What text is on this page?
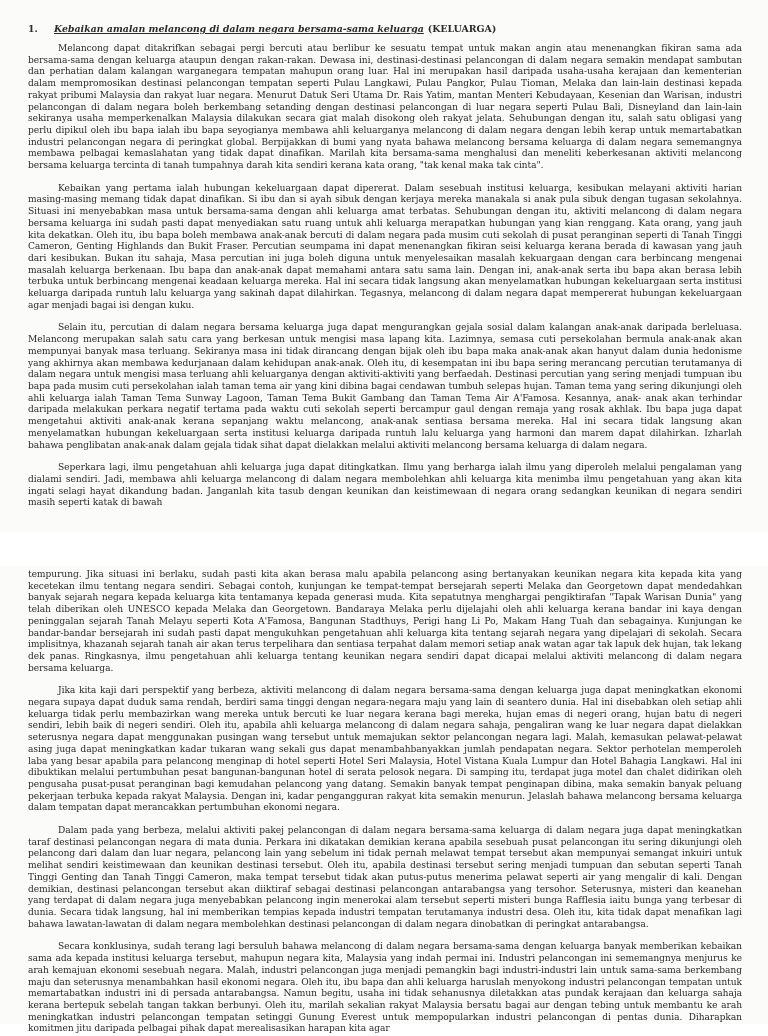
1.	Kebaikan amalan melancong di dalam negara bersama-sama keluarga (KELUARGA)

Melancong dapat ditakrifkan sebagai pergi bercuti atau berlibur ke sesuatu tempat untuk makan angin atau menenangkan fikiran sama ada bersama-sama dengan keluarga ataupun dengan rakan-rakan. Dewasa ini, destinasi-destinasi pelancongan di dalam negara semakin mendapat sambutan dan perhatian dalam kalangan warganegara tempatan mahupun orang luar. Hal ini merupakan hasil daripada usaha-usaha kerajaan dan kementerian dalam mempromosikan destinasi pelancongan tempatan seperti Pulau Langkawi, Pulau Pangkor, Pulau Tioman, Melaka dan lain-lain destinasi kepada rakyat pribumi Malaysia dan rakyat luar negara. Menurut Datuk Seri Utama Dr. Rais Yatim, mantan Menteri Kebudayaan, Kesenian dan Warisan, industri pelancongan di dalam negara boleh berkembang setanding dengan destinasi pelancongan di luar negara seperti Pulau Bali, Disneyland dan lain-lain sekiranya usaha memperkenalkan Malaysia dilakukan secara giat malah disokong oleh rakyat jelata. Sehubungan dengan itu, salah satu obligasi yang perlu dipikul oleh ibu bapa ialah ibu bapa seyogianya membawa ahli keluarganya melancong di dalam negara dengan lebih kerap untuk memartabatkan industri pelancongan negara di peringkat global. Berpijakkan di bumi yang nyata bahawa melancong bersama keluarga di dalam negara sememangnya membawa pelbagai kemaslahatan yang tidak dapat dinafikan. Marilah kita bersama-sama menghalusi dan meneliti keberkesanan aktiviti melancong bersama keluarga tercinta di tanah tumpahnya darah kita sendiri kerana kata orang, "tak kenal maka tak cinta".

Kebaikan yang pertama ialah hubungan kekeluargaan dapat dipererat. Dalam sesebuah institusi keluarga, kesibukan melayani aktiviti harian masing-masing memang tidak dapat dinafikan. Si ibu dan si ayah sibuk dengan kerjaya mereka manakala si anak pula sibuk dengan tugasan sekolahnya. Situasi ini menyebabkan masa untuk bersama-sama dengan ahli keluarga amat terbatas. Sehubungan dengan itu, aktiviti melancong di dalam negara bersama keluarga ini sudah pasti dapat menyediakan satu ruang untuk ahli keluarga merapatkan hubungan yang kian renggang. Kata orang, yang jauh kita dekatkan. Oleh itu, ibu bapa boleh membawa anak-anak bercuti di dalam negara pada musim cuti sekolah di pusat peranginan seperti di Tanah Tinggi Cameron, Genting Highlands dan Bukit Fraser. Percutian seumpama ini dapat menenangkan fikiran seisi keluarga kerana berada di kawasan yang jauh dari kesibukan. Bukan itu sahaja, Masa percutian ini juga boleh diguna untuk menyelesaikan masalah kekuargaan dengan cara berbincang mengenai masalah keluarga berkenaan. Ibu bapa dan anak-anak dapat memahami antara satu sama lain. Dengan ini, anak-anak serta ibu bapa akan berasa lebih terbuka untuk berbincang mengenai keadaan keluarga mereka. Hal ini secara tidak langsung akan menyelamatkan hubungan kekeluargaan serta institusi keluarga daripada runtuh lalu keluarga yang sakinah dapat dilahirkan. Tegasnya, melancong di dalam negara dapat mempererat hubungan kekeluargaan agar menjadi bagai isi dengan kuku.

Selain itu, percutian di dalam negara bersama keluarga juga dapat mengurangkan gejala sosial dalam kalangan anak-anak daripada berleluasa. Melancong merupakan salah satu cara yang berkesan untuk mengisi masa lapang kita. Lazimnya, semasa cuti persekolahan bermula anak-anak akan mempunyai banyak masa terluang. Sekiranya masa ini tidak dirancang dengan bijak oleh ibu bapa maka anak-anak akan hanyut dalam dunia hedonisme yang akhirnya akan membawa kedurjanaan dalam kehidupan anak-anak. Oleh itu, di kesempatan ini ibu bapa sering merancang percutian terutamanya di dalam negara untuk mengisi masa terluang ahli keluarganya dengan aktiviti-aktiviti yang berfaedah. Destinasi percutian yang sering menjadi tumpuan ibu bapa pada musim cuti persekolahan ialah taman tema air yang kini dibina bagai cendawan tumbuh selepas hujan. Taman tema yang sering dikunjungi oleh ahli keluarga ialah Taman Tema Sunway Lagoon, Taman Tema Bukit Gambang dan Taman Tema Air A'Famosa. Kesannya, anak- anak akan terhindar daripada melakukan perkara negatif tertama pada waktu cuti sekolah seperti bercampur gaul dengan remaja yang rosak akhlak. Ibu bapa juga dapat mengetahui aktiviti anak-anak kerana sepanjang waktu melancong, anak-anak sentiasa bersama mereka. Hal ini secara tidak langsung akan menyelamatkan hubungan kekeluargaan serta institusi keluarga daripada runtuh lalu keluarga yang harmoni dan marem dapat dilahirkan. Izharlah bahawa penglibatan anak-anak dalam gejala tidak sihat dapat dielakkan melalui aktiviti melancong bersama keluarga di dalam negara.

Seperkara lagi, ilmu pengetahuan ahli keluarga juga dapat ditingkatkan. Ilmu yang berharga ialah ilmu yang diperoleh melalui pengalaman yang dialami sendiri. Jadi, membawa ahli keluarga melancong di dalam negara membolehkan ahli keluarga kita menimba ilmu pengetahuan yang akan kita ingati selagi hayat dikandung badan. Janganlah kita tasub dengan keunikan dan keistimewaan di negara orang sedangkan keunikan di negara sendiri masih seperti katak di bawah

tempurung. Jika situasi ini berlaku, sudah pasti kita akan berasa malu apabila pelancong asing bertanyakan keunikan negara kita kepada kita yang kecetekan ilmu tentang negara sendiri. Sebagai contoh, kunjungan ke tempat-tempat bersejarah seperti Melaka dan Georgetown dapat mendedahkan banyak sejarah negara kepada keluarga kita tentamanya kepada generasi muda. Kita sepatutnya menghargai pengiktirafan "Tapak Warisan Dunia" yang telah diberikan oleh UNESCO kepada Melaka dan Georgetown. Bandaraya Melaka perlu dijelajahi oleh ahli keluarga kerana bandar ini kaya dengan peninggalan sejarah Tanah Melayu seperti Kota A'Famosa, Bangunan Stadthuys, Perigi hang Li Po, Makam Hang Tuah dan sebagainya. Kunjungan ke bandar-bandar bersejarah ini sudah pasti dapat mengukuhkan pengetahuan ahli keluarga kita tentang sejarah negara yang dipelajari di sekolah. Secara implisitnya, khazanah sejarah tanah air akan terus terpelihara dan sentiasa terpahat dalam memori setiap anak watan agar tak lapuk dek hujan, tak lekang dek panas. Ringkasnya, ilmu pengetahuan ahli keluarga tentang keunikan negara sendiri dapat dicapai melalui aktiviti melancong di dalam negara bersama keluarga.

Jika kita kaji dari perspektif yang berbeza, aktiviti melancong di dalam negara bersama-sama dengan keluarga juga dapat meningkatkan ekonomi negara supaya dapat duduk sama rendah, berdiri sama tinggi dengan negara-negara maju yang lain di seantero dunia. Hal ini disebabkan oleh setiap ahli keluarga tidak perlu membazirkan wang mereka untuk bercuti ke luar negara kerana bagi mereka, hujan emas di negeri orang, hujan batu di negeri sendiri, lebih baik di negeri sendiri. Oleh itu, apabila ahli keluarga melancong di dalam negara sahaja, pengaliran wang ke luar negara dapat dielakkan seterusnya negara dapat menggunakan pusingan wang tersebut untuk memajukan sektor pelancongan negara lagi. Malah, kemasukan pelawat-pelawat asing juga dapat meningkatkan kadar tukaran wang sekali gus dapat menambahbanyakkan jumlah pendapatan negara. Sektor perhotelan memperoleh laba yang besar apabila para pelancong menginap di hotel seperti Hotel Seri Malaysia, Hotel Vistana Kuala Lumpur dan Hotel Bahagia Langkawi. Hal ini dibuktikan melalui pertumbuhan pesat bangunan-bangunan hotel di serata pelosok negara. Di samping itu, terdapat juga motel dan chalet didirikan oleh pengusaha pusat-pusat peranginan bagi kemudahan pelancong yang datang. Semakin banyak tempat penginapan dibina, maka semakin banyak peluang pekerjaan terbuka kepada rakyat Malaysia. Dengan ini, kadar pengangguran rakyat kita semakin menurun. Jelaslah bahawa melancong bersama keluarga dalam tempatan dapat merancakkan pertumbuhan ekonomi negara.

Dalam pada yang berbeza, melalui aktiviti pakej pelancongan di dalam negara bersama-sama keluarga di dalam negara juga dapat meningkatkan taraf destinasi pelancongan negara di mata dunia. Perkara ini dikatakan demikian kerana apabila sesebuah pusat pelancongan itu sering dikunjungi oleh pelancong dari dalam dan luar negara, pelancong lain yang sebelum ini tidak pernah melawat tempat tersebut akan mempunyai semangat inkuiri untuk melihat sendiri keistimewaan dan keunikan destinasi tersebut. Oleh itu, apabila destinasi tersebut sering menjadi tumpuan dan sebutan seperti Tanah Tinggi Genting dan Tanah Tinggi Cameron, maka tempat tersebut tidak akan putus-putus menerima pelawat seperti air yang mengalir di kali. Dengan demikian, destinasi pelancongan tersebut akan diiktiraf sebagai destinasi pelancongan antarabangsa yang tersohor. Seterusnya, misteri dan keanehan yang terdapat di dalam negara juga menyebabkan pelancong ingin menerokai alam tersebut seperti misteri bunga Rafflesia iaitu bunga yang terbesar di dunia. Secara tidak langsung, hal ini memberikan tempias kepada industri tempatan terutamanya industri desa. Oleh itu, kita tidak dapat menafikan lagi bahawa lawatan-lawatan di dalam negara membolehkan destinasi pelancongan di dalam negara dinobatkan di peringkat antarabangsa.

Secara konklusinya, sudah terang lagi bersuluh bahawa melancong di dalam negara bersama-sama dengan keluarga banyak memberikan kebaikan sama ada kepada institusi keluarga tersebut, mahupun negara kita, Malaysia yang indah permai ini. Industri pelancongan ini sememangnya menjurus ke arah kemajuan ekonomi sesebuah negara. Malah, industri pelancongan juga menjadi pemangkin bagi industri-industri lain untuk sama-sama berkembang maju dan seterusnya menambahkan hasil ekonomi negara. Oleh itu, ibu bapa dan ahli keluarga haruslah menyokong industri pelancongan tempatan untuk memartabatkan industri ini di persada antarabangsa. Namun begitu, usaha ini tidak sehanusnya diletakkan atas pundak kerajaan dan keluarga sahaja kerana bertepuk sebelah tangan takkan berbunyi. Oleh itu, marilah sekalian rakyat Malaysia bersatu bagai aur dengan tebing untuk membantu ke arah meningkatkan industri pelancongan tempatan setinggi Gunung Everest untuk mempopularkan industri pelancongan di pentas dunia. Diharapkan komitmen jitu daripada pelbagai pihak dapat merealisasikan harapan kita agar
